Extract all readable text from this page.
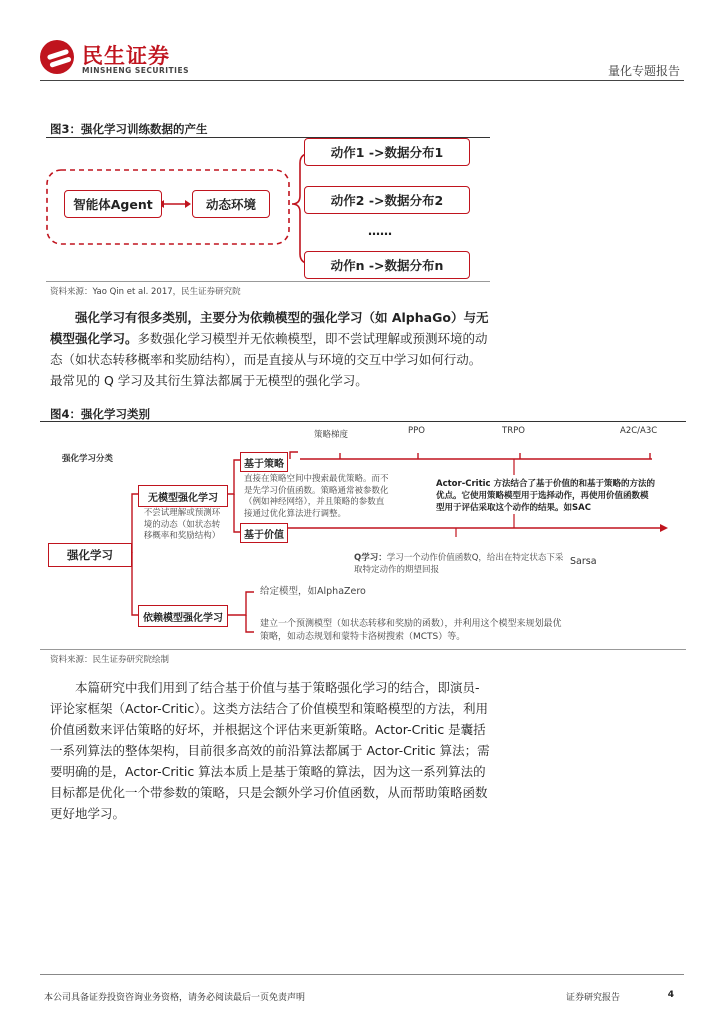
民生证券
MINSHENG SECURITIES	量化专题报告
图3：强化学习训练数据的产生
智能体Agent	动态环境
动作1 ->数据分布1
动作2 ->数据分布2
……
动作n ->数据分布n
资料来源：Yao Qin et al. 2017，民生证券研究院
强化学习有很多类别，主要分为依赖模型的强化学习（如 AlphaGo）与无模型强化学习。多数强化学习模型并无依赖模型，即不尝试理解或预测环境的动态（如状态转移概率和奖励结构），而是直接从与环境的交互中学习如何行动。最常见的 Q 学习及其衍生算法都属于无模型的强化学习。
图4：强化学习类别
强化学习分类
强化学习
无模型强化学习
不尝试理解或预测环境的动态（如状态转移概率和奖励结构）
依赖模型强化学习
基于策略
基于价值
策略梯度	PPO	TRPO	A2C/A3C
直接在策略空间中搜索最优策略。而不是先学习价值函数。策略通常被参数化（例如神经网络），并且策略的参数直接通过优化算法进行调整。
Actor-Critic 方法结合了基于价值的和基于策略的方法的优点。它使用策略模型用于选择动作，再使用价值函数模型用于评估采取这个动作的结果。如SAC
Q学习：学习一个动作价值函数Q，给出在特定状态下采取特定动作的期望回报
Sarsa
给定模型，如AlphaZero
建立一个预测模型（如状态转移和奖励的函数），并利用这个模型来规划最优策略，如动态规划和蒙特卡洛树搜索（MCTS）等。
资料来源：民生证券研究院绘制
本篇研究中我们用到了结合基于价值与基于策略强化学习的结合，即演员-评论家框架（Actor-Critic）。这类方法结合了价值模型和策略模型的方法，利用价值函数来评估策略的好坏，并根据这个评估来更新策略。Actor-Critic 是囊括一系列算法的整体架构，目前很多高效的前沿算法都属于 Actor-Critic 算法；需要明确的是，Actor-Critic 算法本质上是基于策略的算法，因为这一系列算法的目标都是优化一个带参数的策略，只是会额外学习价值函数，从而帮助策略函数更好地学习。
本公司具备证券投资咨询业务资格，请务必阅读最后一页免责声明	证券研究报告	4
